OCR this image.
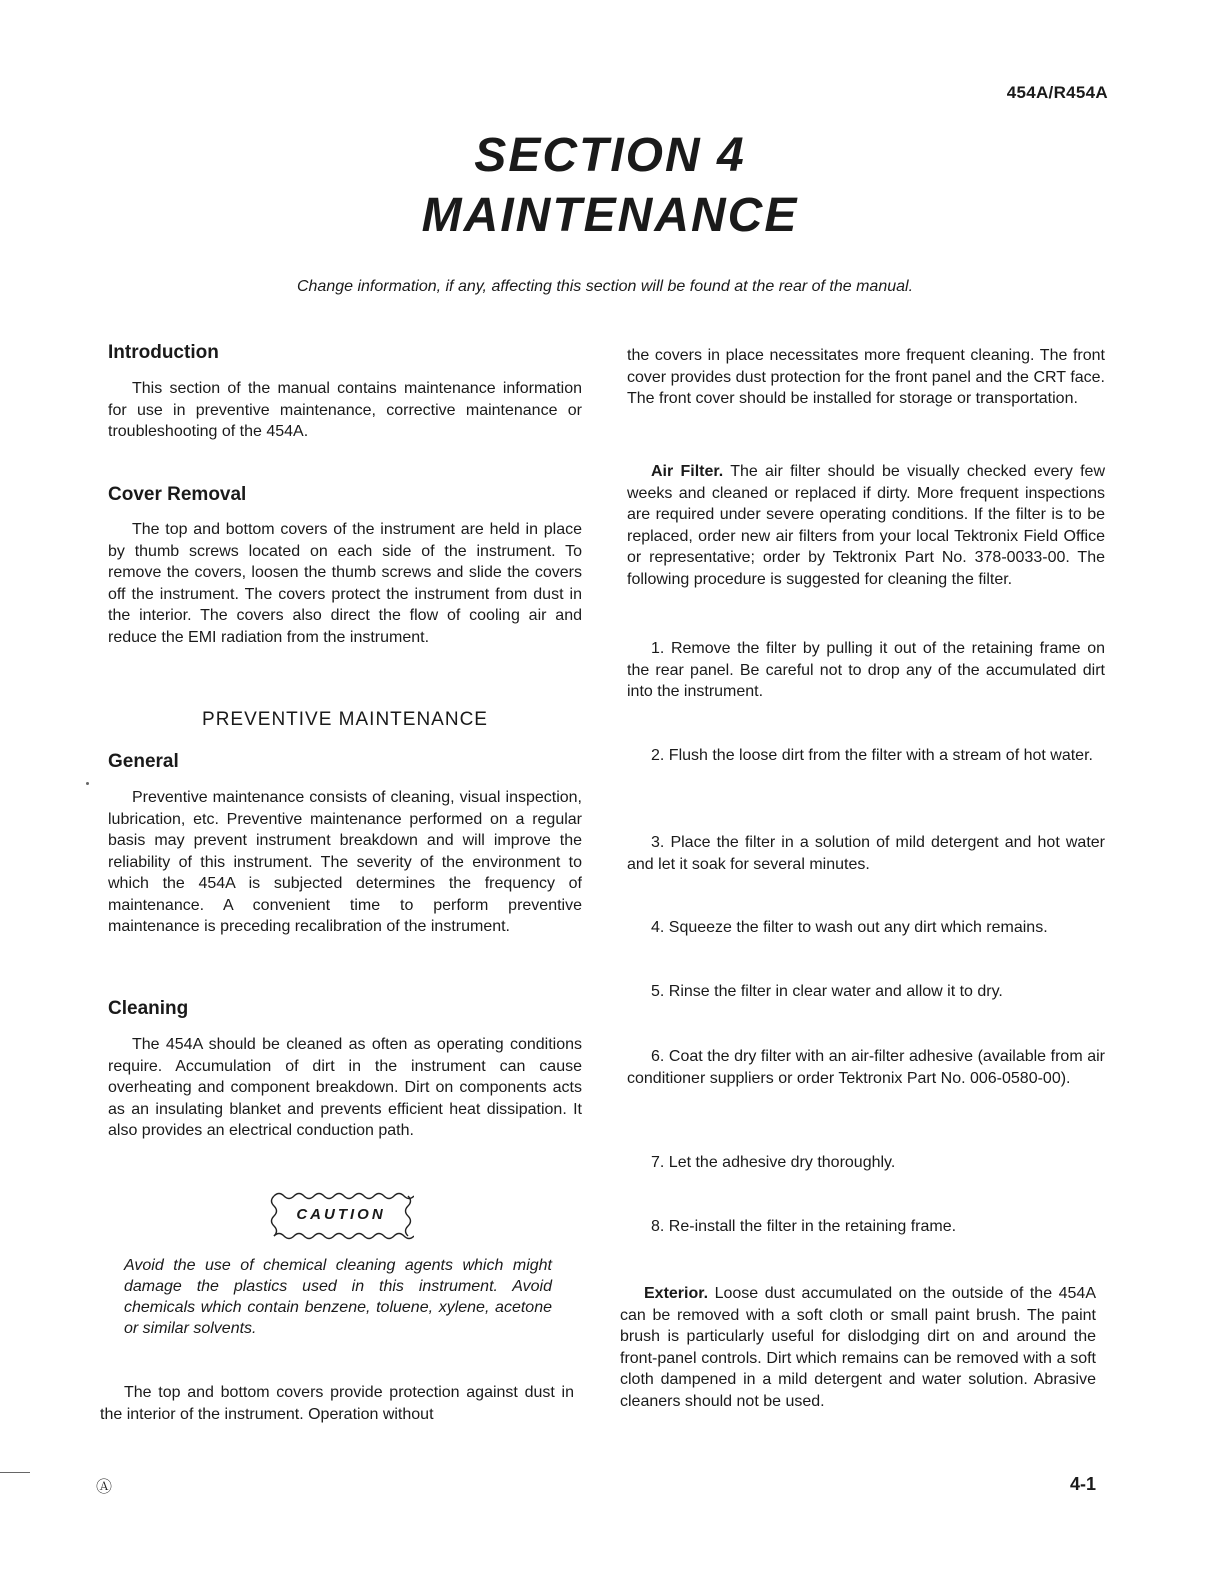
454A/R454A
SECTION 4
MAINTENANCE
Change information, if any, affecting this section will be found at the rear of the manual.
Introduction

This section of the manual contains maintenance information for use in preventive maintenance, corrective maintenance or troubleshooting of the 454A.

Cover Removal

The top and bottom covers of the instrument are held in place by thumb screws located on each side of the instrument. To remove the covers, loosen the thumb screws and slide the covers off the instrument. The covers protect the instrument from dust in the interior. The covers also direct the flow of cooling air and reduce the EMI radiation from the instrument.

PREVENTIVE MAINTENANCE
General

Preventive maintenance consists of cleaning, visual inspection, lubrication, etc. Preventive maintenance performed on a regular basis may prevent instrument breakdown and will improve the reliability of this instrument. The severity of the environment to which the 454A is subjected determines the frequency of maintenance. A convenient time to perform preventive maintenance is preceding recalibration of the instrument.

Cleaning

The 454A should be cleaned as often as operating conditions require. Accumulation of dirt in the instrument can cause overheating and component breakdown. Dirt on components acts as an insulating blanket and prevents efficient heat dissipation. It also provides an electrical conduction path.

CAUTION
Avoid the use of chemical cleaning agents which might damage the plastics used in this instrument. Avoid chemicals which contain benzene, toluene, xylene, acetone or similar solvents.

The top and bottom covers provide protection against dust in the interior of the instrument. Operation without

the covers in place necessitates more frequent cleaning. The front cover provides dust protection for the front panel and the CRT face. The front cover should be installed for storage or transportation.

Air Filter. The air filter should be visually checked every few weeks and cleaned or replaced if dirty. More frequent inspections are required under severe operating conditions. If the filter is to be replaced, order new air filters from your local Tektronix Field Office or representative; order by Tektronix Part No. 378-0033-00. The following procedure is suggested for cleaning the filter.

1. Remove the filter by pulling it out of the retaining frame on the rear panel. Be careful not to drop any of the accumulated dirt into the instrument.

2. Flush the loose dirt from the filter with a stream of hot water.

3. Place the filter in a solution of mild detergent and hot water and let it soak for several minutes.

4. Squeeze the filter to wash out any dirt which remains.

5. Rinse the filter in clear water and allow it to dry.

6. Coat the dry filter with an air-filter adhesive (available from air conditioner suppliers or order Tektronix Part No. 006-0580-00).

7. Let the adhesive dry thoroughly.

8. Re-install the filter in the retaining frame.

Exterior. Loose dust accumulated on the outside of the 454A can be removed with a soft cloth or small paint brush. The paint brush is particularly useful for dislodging dirt on and around the front-panel controls. Dirt which remains can be removed with a soft cloth dampened in a mild detergent and water solution. Abrasive cleaners should not be used.

Ⓐ	4-1
